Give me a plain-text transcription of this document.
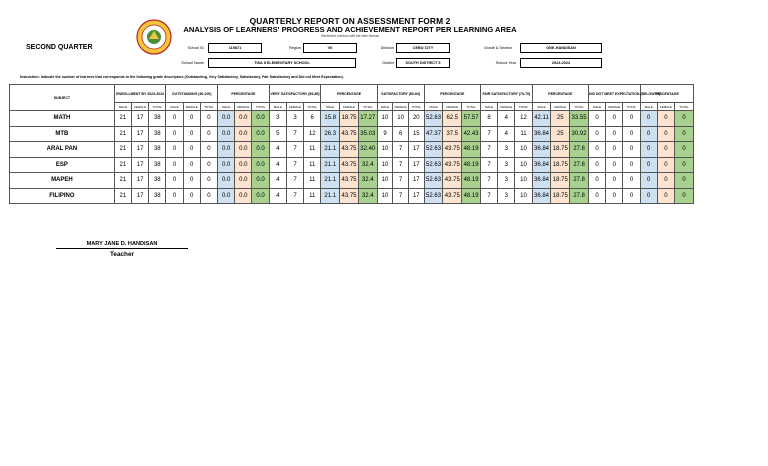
QUARTERLY REPORT ON ASSESSMENT FORM 2
ANALYSIS OF LEARNERS' PROGRESS AND ACHIEVEMENT REPORT PER LEARNING AREA
Revised to conform with the New Normal
SECOND QUARTER	School ID	119871	Region	VII	Division	CEBU CITY	Grade & Section	ONE-HANDISAN
School Name	TISA II ELEMENTARY SCHOOL	District	SOUTH DISTRICT 5	School Year	2023-2024
Instruction: Indicate the number of learners that corresponds to the following grade descriptors (Outstanding, Very Satisfactory, Satisfactory, Fair Satisfactory and Did not Meet Expectation).
SUBJECT	ENROLLMENT BY 2023-2024			OUTSTANDING (90-100)			PERCENTAGE			VERY SATISFACTORY (85-89)			PERCENTAGE			SATISFACTORY (80-84)			PERCENTAGE			FAIR SATISFACTORY (75-79)			PERCENTAGE			DID NOT MEET EXPECTATION (BELOW 75)			PERCENTAGE		
	MALE	FEMALE	TOTAL	MALE	FEMALE	TOTAL	MALE	FEMALE	TOTAL	MALE	FEMALE	TOTAL	MALE	FEMALE	TOTAL	MALE	FEMALE	TOTAL	MALE	FEMALE	TOTAL	MALE	FEMALE	TOTAL	MALE	FEMALE	TOTAL	MALE	FEMALE	TOTAL	MALE	FEMALE	TOTAL
MATH	21	17	38	0	0	0	0.0	0.0	0.0	3	3	6	15.8	18.75	17.27	10	10	20	52.63	62.5	57.57	8	4	12	42.11	25	33.55	0	0	0	0	0	0
MTB	21	17	38	0	0	0	0.0	0.0	0.0	5	7	12	26.3	43.75	35.03	9	6	15	47.37	37.5	42.43	7	4	11	36.84	25	30.92	0	0	0	0	0	0
ARAL PAN	21	17	38	0	0	0	0.0	0.0	0.0	4	7	11	21.1	43.75	32.40	10	7	17	52.63	43.75	48.19	7	3	10	36.84	18.75	27.8	0	0	0	0	0	0
ESP	21	17	38	0	0	0	0.0	0.0	0.0	4	7	11	21.1	43.75	32.4	10	7	17	52.63	43.75	48.19	7	3	10	36.84	18.75	27.8	0	0	0	0	0	0
MAPEH	21	17	38	0	0	0	0.0	0.0	0.0	4	7	11	21.1	43.75	32.4	10	7	17	52.63	43.75	48.19	7	3	10	36.84	18.75	27.8	0	0	0	0	0	0
FILIPINO	21	17	38	0	0	0	0.0	0.0	0.0	4	7	11	21.1	43.75	32.4	10	7	17	52.63	43.75	48.19	7	3	10	36.84	18.75	27.8	0	0	0	0	0	0
MARY JANE D. HANDISAN
Teacher
